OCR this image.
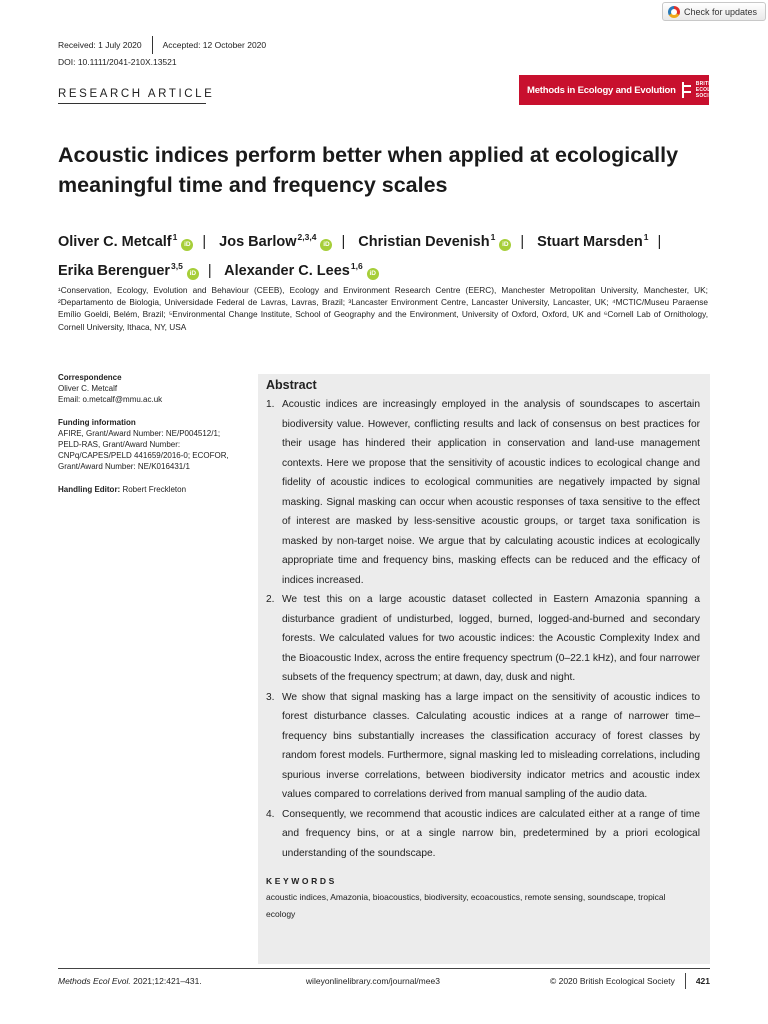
Check for updates
Received: 1 July 2020 Accepted: 12 October 2020
DOI: 10.1111/2041-210X.13521
RESEARCH ARTICLE	Methods in Ecology and Evolution
BRITISH
ECOLOGICAL
SOCIETY
Acoustic indices perform better when applied at ecologically meaningful time and frequency scales
Oliver C. Metcalf$^1$iD | Jos Barlow$^{2,3,4}$iD | Christian Devenish$^1$iD | Stuart Marsden$^1$ |
Erika Berenguer$^{3,5}$iD | Alexander C. Lees$^{1,6}$iD

¹Conservation, Ecology, Evolution and Behaviour (CEEB), Ecology and Environment Research Centre (EERC), Manchester Metropolitan University, Manchester, UK; ²Departamento de Biologia, Universidade Federal de Lavras, Lavras, Brazil; ³Lancaster Environment Centre, Lancaster University, Lancaster, UK; ⁴MCTIC/Museu Paraense Emílio Goeldi, Belém, Brazil; ⁵Environmental Change Institute, School of Geography and the Environment, University of Oxford, Oxford, UK and ⁶Cornell Lab of Ornithology, Cornell University, Ithaca, NY, USA

Correspondence
Oliver C. Metcalf
Email: o.metcalf@mmu.ac.uk
Funding information
AFIRE, Grant/Award Number: NE/P004512/1; PELD-RAS, Grant/Award Number: CNPq/CAPES/PELD 441659/2016-0; ECOFOR, Grant/Award Number: NE/K016431/1
Handling Editor: Robert Freckleton
Abstract
1. Acoustic indices are increasingly employed in the analysis of soundscapes to ascertain biodiversity value. However, conflicting results and lack of consensus on best practices for their usage has hindered their application in conservation and land-use management contexts. Here we propose that the sensitivity of acoustic indices to ecological change and fidelity of acoustic indices to ecological communities are negatively impacted by signal masking. Signal masking can occur when acoustic responses of taxa sensitive to the effect of interest are masked by less-sensitive acoustic groups, or target taxa sonification is masked by non-target noise. We argue that by calculating acoustic indices at ecologically appropriate time and frequency bins, masking effects can be reduced and the efficacy of indices increased.
2. We test this on a large acoustic dataset collected in Eastern Amazonia spanning a disturbance gradient of undisturbed, logged, burned, logged-and-burned and secondary forests. We calculated values for two acoustic indices: the Acoustic Complexity Index and the Bioacoustic Index, across the entire frequency spectrum (0–22.1 kHz), and four narrower subsets of the frequency spectrum; at dawn, day, dusk and night.
3. We show that signal masking has a large impact on the sensitivity of acoustic indices to forest disturbance classes. Calculating acoustic indices at a range of narrower time–frequency bins substantially increases the classification accuracy of forest classes by random forest models. Furthermore, signal masking led to misleading correlations, including spurious inverse correlations, between biodiversity indicator metrics and acoustic index values compared to correlations derived from manual sampling of the audio data.
4. Consequently, we recommend that acoustic indices are calculated either at a range of time and frequency bins, or at a single narrow bin, predetermined by a priori ecological understanding of the soundscape.
KEYWORDS
acoustic indices, Amazonia, bioacoustics, biodiversity, ecoacoustics, remote sensing, soundscape, tropical ecology
Methods Ecol Evol. 2021;12:421–431.	wileyonlinelibrary.com/journal/mee3	© 2020 British Ecological Society 421
